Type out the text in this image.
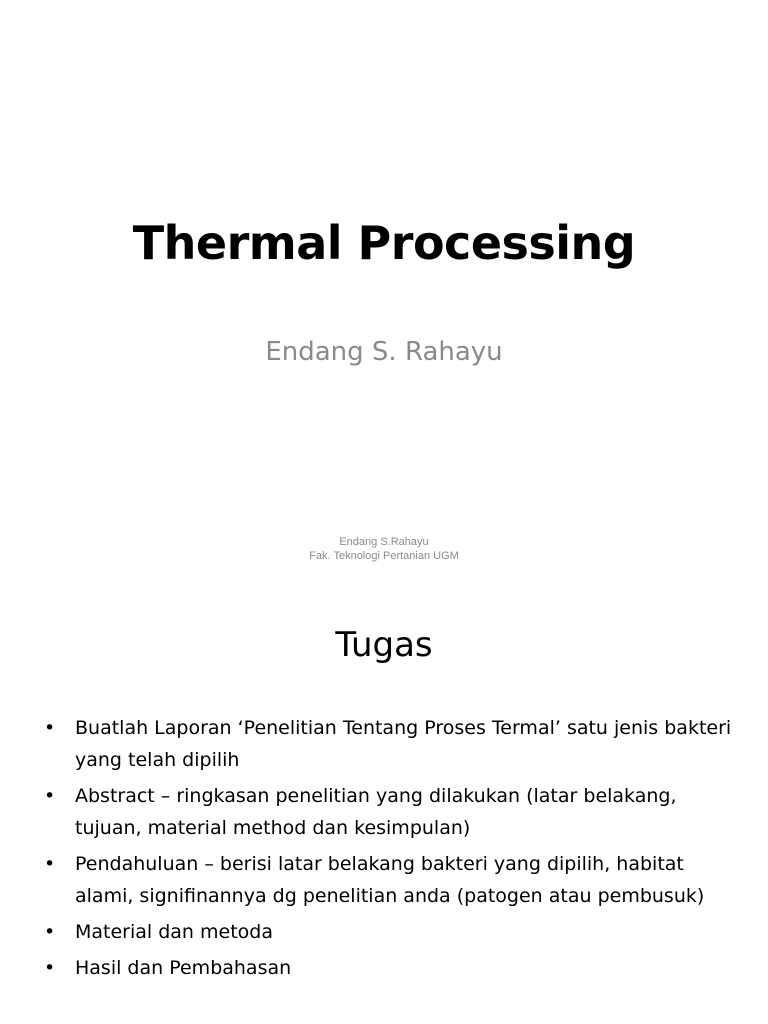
Thermal Processing
Endang S. Rahayu
Endang S.Rahayu
Fak. Teknologi Pertanian UGM
Tugas
• Buatlah Laporan ‘Penelitian Tentang Proses Termal’ satu jenis bakteri yang telah dipilih
• Abstract – ringkasan penelitian yang dilakukan (latar belakang, tujuan, material method dan kesimpulan)
• Pendahuluan – berisi latar belakang bakteri yang dipilih, habitat alami, signifinannya dg penelitian anda (patogen atau pembusuk)
• Material dan metoda
• Hasil dan Pembahasan
